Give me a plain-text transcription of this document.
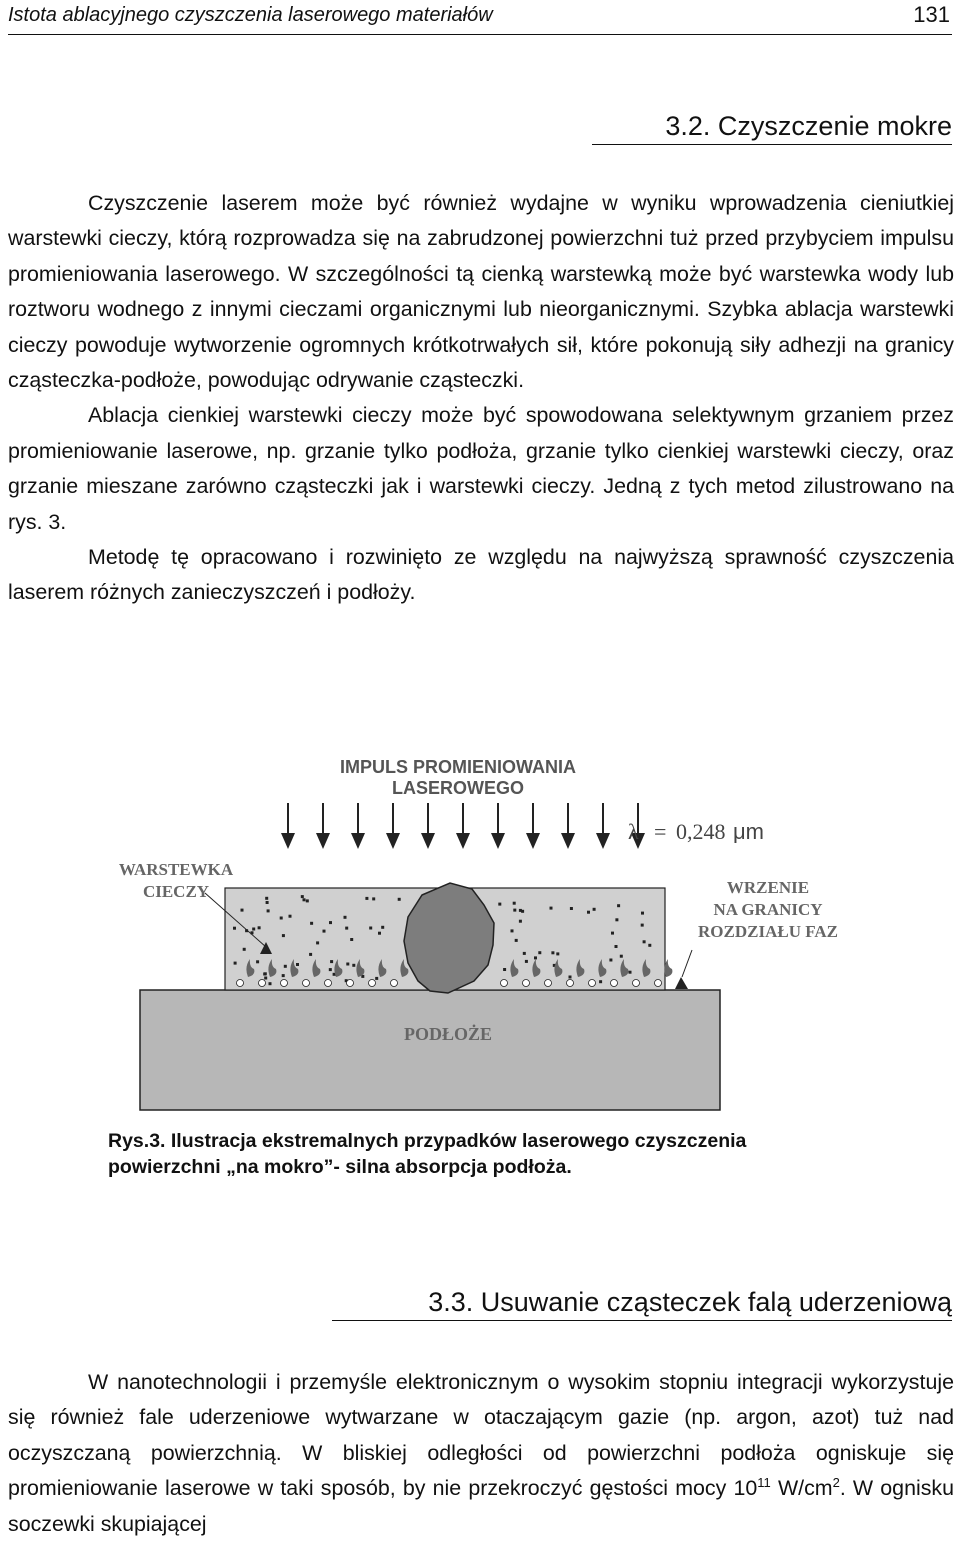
Istota ablacyjnego czyszczenia laserowego materiałów	131
3.2. Czyszczenie mokre

Czyszczenie laserem może być również wydajne w wyniku wprowadzenia cieniutkiej warstewki cieczy, którą rozprowadza się na zabrudzonej powierzchni tuż przed przybyciem impulsu promieniowania laserowego. W szczególności tą cienką warstewką może być warstewka wody lub roztworu wodnego z innymi cieczami organicznymi lub nieorganicznymi. Szybka ablacja warstewki cieczy powoduje wytworzenie ogromnych krótkotrwałych sił, które pokonują siły adhezji na granicy cząsteczka-podłoże, powodując odrywanie cząsteczki.

Ablacja cienkiej warstewki cieczy może być spowodowana selektywnym grzaniem przez promieniowanie laserowe, np. grzanie tylko podłoża, grzanie tylko cienkiej warstewki cieczy, oraz grzanie mieszane zarówno cząsteczki jak i warstewki cieczy. Jedną z tych metod zilustrowano na rys. 3.

Metodę tę opracowano i rozwinięto ze względu na najwyższą sprawność czyszczenia laserem różnych zanieczyszczeń i podłoży.

IMPULS PROMIENIOWANIA
LASEROWEGO
λ = 0,248 μm
WARSTEWKA
CIECZY	WRZENIE
NA GRANICY
ROZDZIAŁU FAZ
PODŁOŻE
Rys.3. Ilustracja ekstremalnych przypadków laserowego czyszczenia
powierzchni „na mokro”- silna absorpcja podłoża.
3.3. Usuwanie cząsteczek falą uderzeniową

W nanotechnologii i przemyśle elektronicznym o wysokim stopniu integracji wykorzystuje się również fale uderzeniowe wytwarzane w otaczającym gazie (np. argon, azot) tuż nad oczyszczaną powierzchnią. W bliskiej odległości od powierzchni podłoża ogniskuje się promieniowanie laserowe w taki sposób, by nie przekroczyć gęstości mocy $10^{11}$ $W/cm^2$. W ognisku soczewki skupiającej
